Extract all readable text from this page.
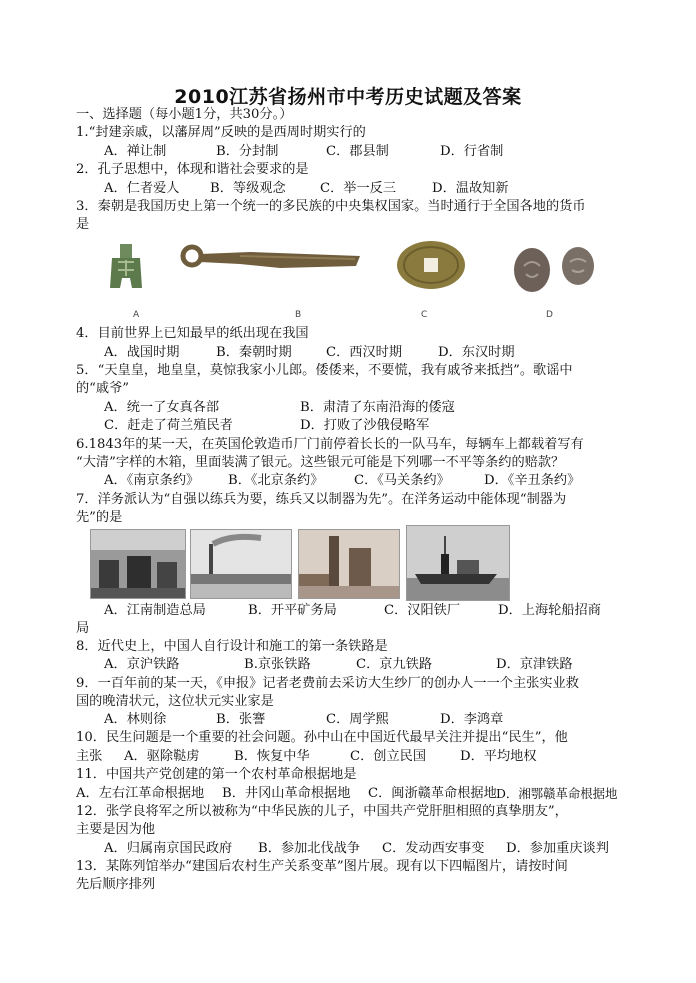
2010江苏省扬州市中考历史试题及答案
一、选择题（每小题1分，共30分。）
1.“封建亲戚，以藩屏周”反映的是西周时期实行的
A．禅让制	B．分封制	C．郡县制	D．行省制
2．孔子思想中，体现和谐社会要求的是
A．仁者爱人 B．等级观念	C．举一反三	D．温故知新
3．秦朝是我国历史上第一个统一的多民族的中央集权国家。当时通行于全国各地的货币
是
A	B	C	D
4．目前世界上已知最早的纸出现在我国
A．战国时期	B．秦朝时期	C．西汉时期	D．东汉时期
5．“天皇皇，地皇皇，莫惊我家小儿郎。倭倭来，不要慌，我有戚爷来抵挡”。歌谣中
的“戚爷”
A．统一了女真各部	B．肃清了东南沿海的倭寇
C．赶走了荷兰殖民者	D．打败了沙俄侵略军
6.1843年的某一天，在英国伦敦造币厂门前停着长长的一队马车，每辆车上都载着写有
“大清”字样的木箱，里面装满了银元。这些银元可能是下列哪一不平等条约的赔款？
A．《南京条约》 B．《北京条约》 C．《马关条约》	D．《辛丑条约》
7．洋务派认为“自强以练兵为要，练兵又以制器为先”。在洋务运动中能体现“制器为
先”的是
A．江南制造总局	B．开平矿务局	C．汉阳铁厂	D．上海轮船招商
局
8．近代史上，中国人自行设计和施工的第一条铁路是
A．京沪铁路	B.京张铁路	C．京九铁路	D．京津铁路
9．一百年前的某一天，《申报》记者老费前去采访大生纱厂的创办人一一个主张实业救
国的晚清状元，这位状元实业家是
A．林则徐	B．张謇	C．周学熙	D．李鸿章
10．民生问题是一个重要的社会问题。孙中山在中国近代最早关注并提出“民生”，他
主张 A．驱除鞑虏	B．恢复中华	C．创立民国	D．平均地权
11．中国共产党创建的第一个农村革命根据地是
A．左右江革命根据地 B．井冈山革命根据地 C．闽浙赣革命根据地 D．湘鄂赣革命根据地
12．张学良将军之所以被称为“中华民族的儿子，中国共产党肝胆相照的真挚朋友”，
主要是因为他
A．归属南京国民政府 B．参加北伐战争 C．发动西安事变 D．参加重庆谈判
13．某陈列馆举办“建国后农村生产关系变革”图片展。现有以下四幅图片，请按时间
先后顺序排列
